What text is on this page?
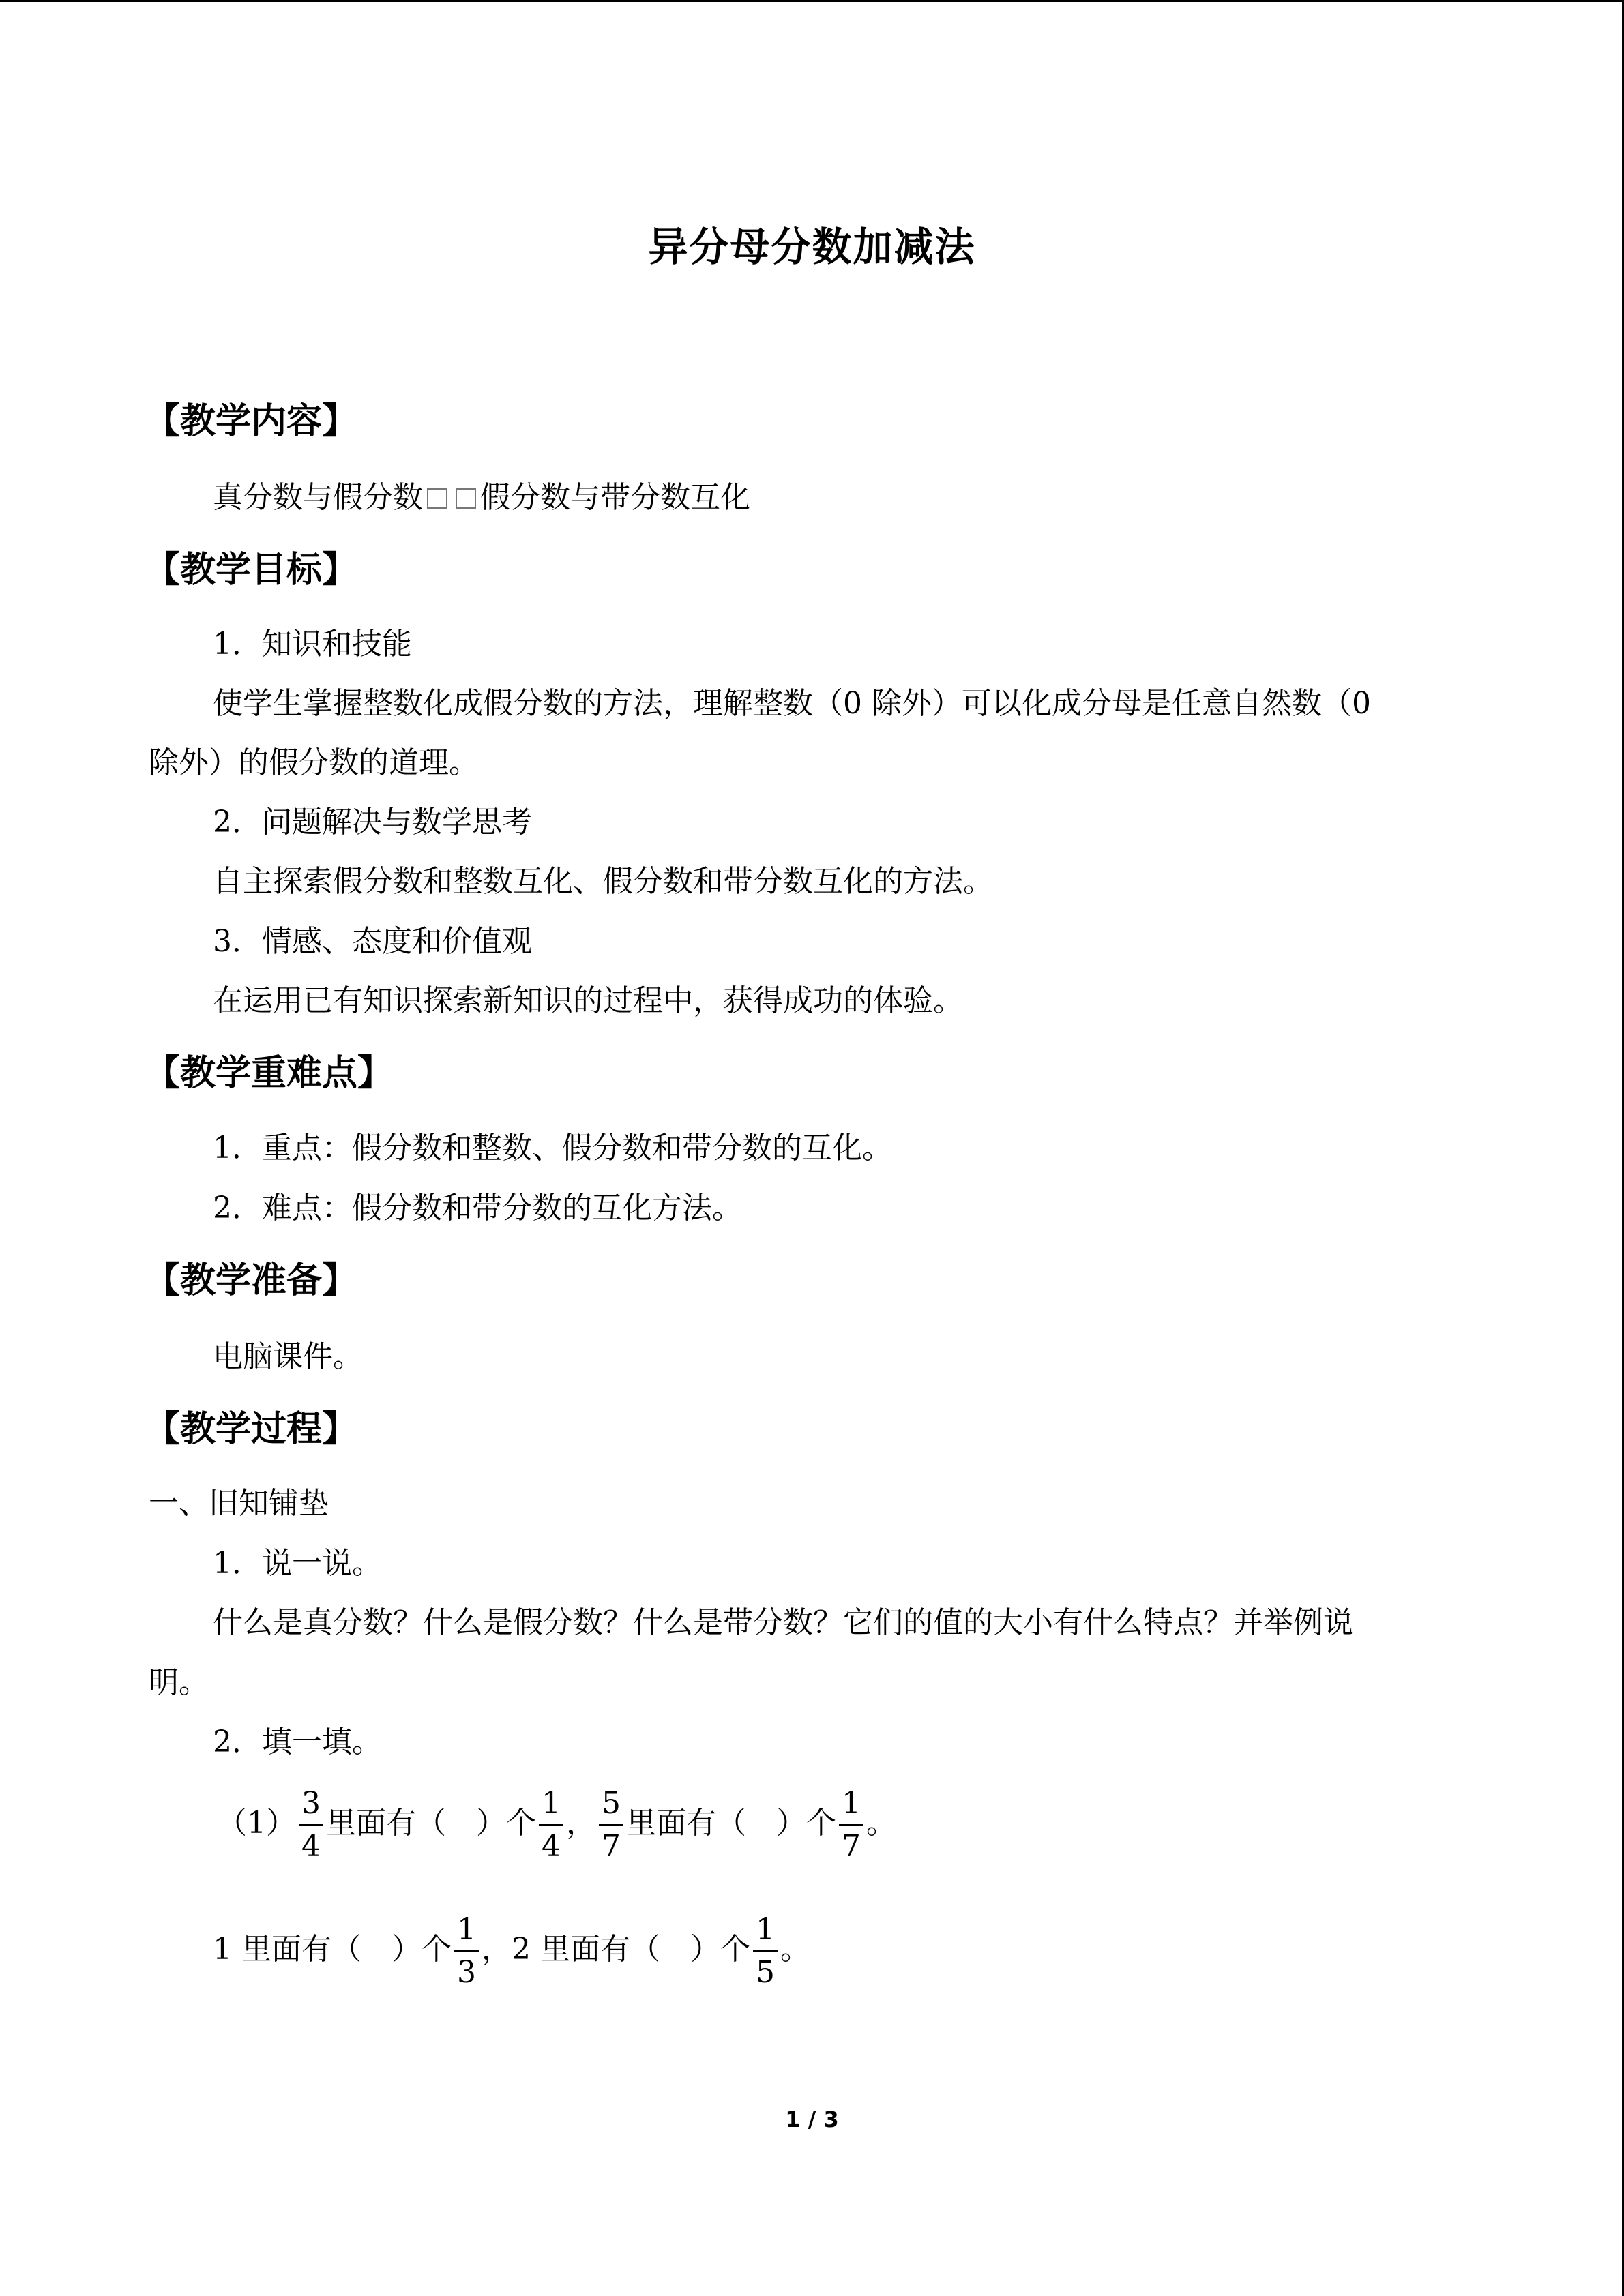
异分母分数加减法
【教学内容】
真分数与假分数 假分数与带分数互化
【教学目标】
1．知识和技能
使学生掌握整数化成假分数的方法，理解整数（0 除外）可以化成分母是任意自然数（0
除外）的假分数的道理。
2．问题解决与数学思考
自主探索假分数和整数互化、假分数和带分数互化的方法。
3．情感、态度和价值观
在运用已有知识探索新知识的过程中，获得成功的体验。
【教学重难点】
1．重点：假分数和整数、假分数和带分数的互化。
2．难点：假分数和带分数的互化方法。
【教学准备】
电脑课件。
【教学过程】
一、旧知铺垫
1．说一说。
什么是真分数？什么是假分数？什么是带分数？它们的值的大小有什么特点？并举例说
明。
2．填一填。
$(1) \frac{3}{4}$ 里面有（　）个 $\frac{1}{4}$ ， $\frac{5}{7}$ 里面有（　）个 $\frac{1}{7}$ 。
1 里面有（　）个 $\frac{1}{3}$ ，2 里面有（　）个 $\frac{1}{5}$ 。
1 / 3
